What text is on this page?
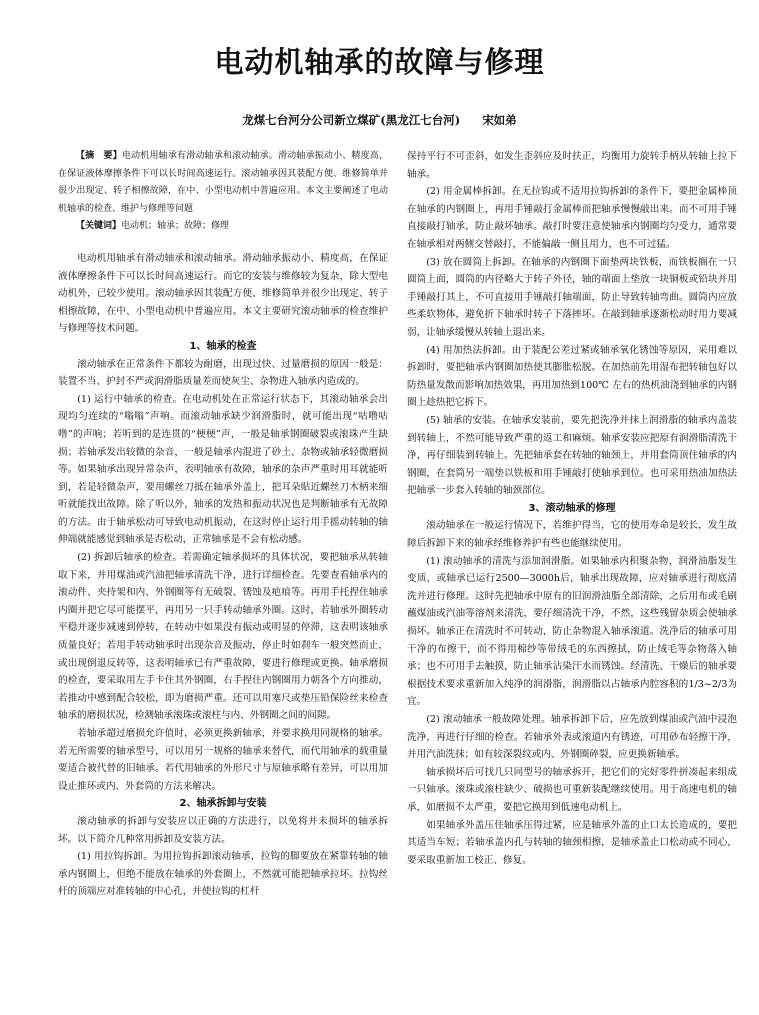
电动机轴承的故障与修理
龙煤七台河分公司新立煤矿(黑龙江七台河) 宋如弟

【摘　要】电动机用轴承有滑动轴承和滚动轴承。滑动轴承振动小、精度高，在保证液体摩擦条件下可以长时间高速运行。滚动轴承因其装配方便、维修简单并很少出现定、转子相擦故障，在中、小型电动机中普遍应用。本文主要阐述了电动机轴承的检查、维护与修理等问题

【关键词】电动机；轴承；故障；修理

电动机用轴承有滑动轴承和滚动轴承。滑动轴承振动小、精度高，在保证液体摩擦条件下可以长时间高速运行。而它的安装与维修较为复杂，除大型电动机外，已较少使用。滚动轴承因其装配方便、维修简单并很少出现定、转子相擦故障，在中、小型电动机中普遍应用。本文主要研究滚动轴承的检查维护与修理等技术问题。

1、轴承的检查

滚动轴承在正常条件下都较为耐磨，出现过快、过量磨损的原因一般是：装置不当、护封不严或润滑脂质量差而使灰尘、杂物进入轴承内造成的。

(1) 运行中轴承的检查。在电动机处在正常运行状态下，其滚动轴承会出现均匀连续的“嗡嗡”声响。而滚动轴承缺少润滑脂时，就可能出现“咕噜咕噜”的声响；若听到的是连贯的“梗梗”声，一般是轴承钢圈破裂或滚珠产生缺损；若轴承发出较微的杂音，一般是轴承内混进了砂土、杂物或轴承轻微磨损等。如果轴承出现异常杂声，表明轴承有故障，轴承的杂声严重时用耳就能听到，若是轻微杂声，要用螺丝刀抵在轴承外盖上，把耳朵贴近螺丝刀木柄来细听就能找出故障。除了听以外，轴承的发热和振动状况也是判断轴承有无故障的方法。由于轴承松动可导致电动机振动，在这时停止运行用手摇动转轴的轴伸端就能感觉到轴承是否松动，正常轴承是不会有松动感。

(2) 拆卸后轴承的检查。若需确定轴承损坏的具体状况，要把轴承从转轴取下来，并用煤油或汽油把轴承清洗干净，进行详细检查。先要查看轴承内的滚动件、夹持架和内、外钢圈等有无破裂、锈蚀及疤痕等。再用手托捏住轴承内圈并把它尽可能摆平，再用另一只手转动轴承外圈。这时，若轴承外圈转动平稳并逐步减速到停转，在转动中如果没有振动或明显的停滞，这表明该轴承质量良好；若用手转动轴承时出现杂音及振动，停止时如刹车一般突然而止，或出现倒退反转等，这表明轴承已有严重故障，要进行修理或更换。轴承磨损的检查，要采取用左手卡住其外钢圈，右手捏住内钢圈用力朝各个方向推动，若推动中感到配合较松，即为磨损严重。还可以用塞尺或垫压铅保险丝来检查轴承的磨损状况，检测轴承滚珠或滚柱与内、外钢圈之间的间隙。

若轴承超过磨损允许值时，必须更换新轴承，并要求换用同规格的轴承。若无所需要的轴承型号，可以用另一规格的轴承来替代，而代用轴承的载重量要适合被代替的旧轴承。若代用轴承的外形尺寸与原轴承略有差异，可以用加设止推环或内、外套筒的方法来解决。

2、轴承拆卸与安装

滚动轴承的拆卸与安装应以正确的方法进行，以免将并未损坏的轴承拆坏。以下简介几种常用拆卸及安装方法。

(1) 用拉钩拆卸。为用拉钩拆卸滚动轴承，拉钩的脚要放在紧靠转轴的轴承内钢圈上，但绝不能放在轴承的外套圈上，不然就可能把轴承拉坏。拉钩丝杆的顶端应对准转轴的中心孔，并使拉钩的杠杆

保持平行不可歪斜，如发生歪斜应及时扶正，均衡用力旋转手柄从转轴上拉下轴承。

(2) 用金属棒拆卸。在无拉钩或不适用拉钩拆卸的条件下，要把金属棒顶在轴承的内钢圈上，再用手锤敲打金属棒而把轴承慢慢敲出来。而不可用手锤直接敲打轴承，防止敲坏轴承。敲打时要注意使轴承内钢圈均匀受力，通常要在轴承相对两侧交替敲打，不能偏敲一侧且用力，也不可过猛。

(3) 放在圆筒上拆卸。在轴承的内钢圈下面垫两块铁板，而铁板搁在一只圆筒上面，圆筒的内径略大于转子外径，轴的端面上垫放一块铜板或铅块并用手锤敲打其上，不可直接用手锤敲打轴端面，防止导致转轴弯曲。圆筒内应放些柔软物体，避免折下轴承时转子下落摔坏。在敲到轴承逐渐松动时用力要减弱，让轴承缓慢从转轴上退出来。

(4) 用加热法拆卸。由于装配公差过紧或轴承氧化锈蚀等原因，采用难以拆卸时，要把轴承内钢圈加热使其膨胀松脱。在加热前先用湿布把转轴包好以防热量发散而影响加热效果，再用加热到100℃ 左右的热机油浇到轴承的内钢圈上趁热把它拆下。

(5) 轴承的安装。在轴承安装前，要先把洗净并抹上润滑脂的轴承内盖装到转轴上，不然可能导致严重的返工和麻烦。轴承安装应把原有润滑脂清洗干净，再仔细装到转轴上。先把轴承套在转轴的轴颈上，并用套筒顶住轴承的内钢圈，在套筒另一端垫以铁板和用手锤敲打使轴承到位。也可采用热油加热法把轴承一步套入转轴的轴颈部位。

3、滚动轴承的修理

滚动轴承在一般运行情况下，若维护得当，它的使用寿命是较长，发生故障后拆卸下来的轴承经维修养护有些也能继续使用。

(1) 滚动轴承的清洗与添加润滑脂。如果轴承内积聚杂物，润滑油脂发生变质，或轴承已运行2500—3000h后，轴承出现故障，应对轴承进行彻底清洗并进行修理。这时先把轴承中原有的旧润滑油脂全部清除，之后用布或毛刷蘸煤油或汽油等溶剂来清洗，要仔细清洗干净，不然，这些残留杂质会使轴承损坏。轴承正在清洗时不可转动，防止杂物混入轴承滚道。洗净后的轴承可用干净的布擦干，而不得用棉纱等带绒毛的东西擦拭，防止绒毛等杂物落入轴承；也不可用手去触摸，防止轴承沾染汗水而锈蚀。经清洗、干燥后的轴承要根据技术要求重新加入纯净的润滑脂，润滑脂以占轴承内腔容积的1/3~2/3为宜。

(2) 滚动轴承一般故障处理。轴承拆卸下后，应先放到煤油或汽油中浸泡洗净，再进行仔细的检查。若轴承外表或滚道内有锈迹，可用砂布轻擦干净，并用汽油洗抹；如有较深裂纹或内、外钢圈碎裂，应更换新轴承。

轴承损坏后可找几只同型号的轴承拆开，把它们的完好零件拼凑起来组成一只轴承。滚珠或滚柱缺少、破损也可重新装配继续使用。用于高速电机的轴承，如磨损不太严重，要把它换用到低速电动机上。

如果轴承外盖压住轴承压得过紧，应是轴承外盖的止口太长造成的，要把其适当车短；若轴承盖内孔与转轴的轴颈相擦，是轴承盖止口松动或不同心，要采取重新加工校正、修复。
